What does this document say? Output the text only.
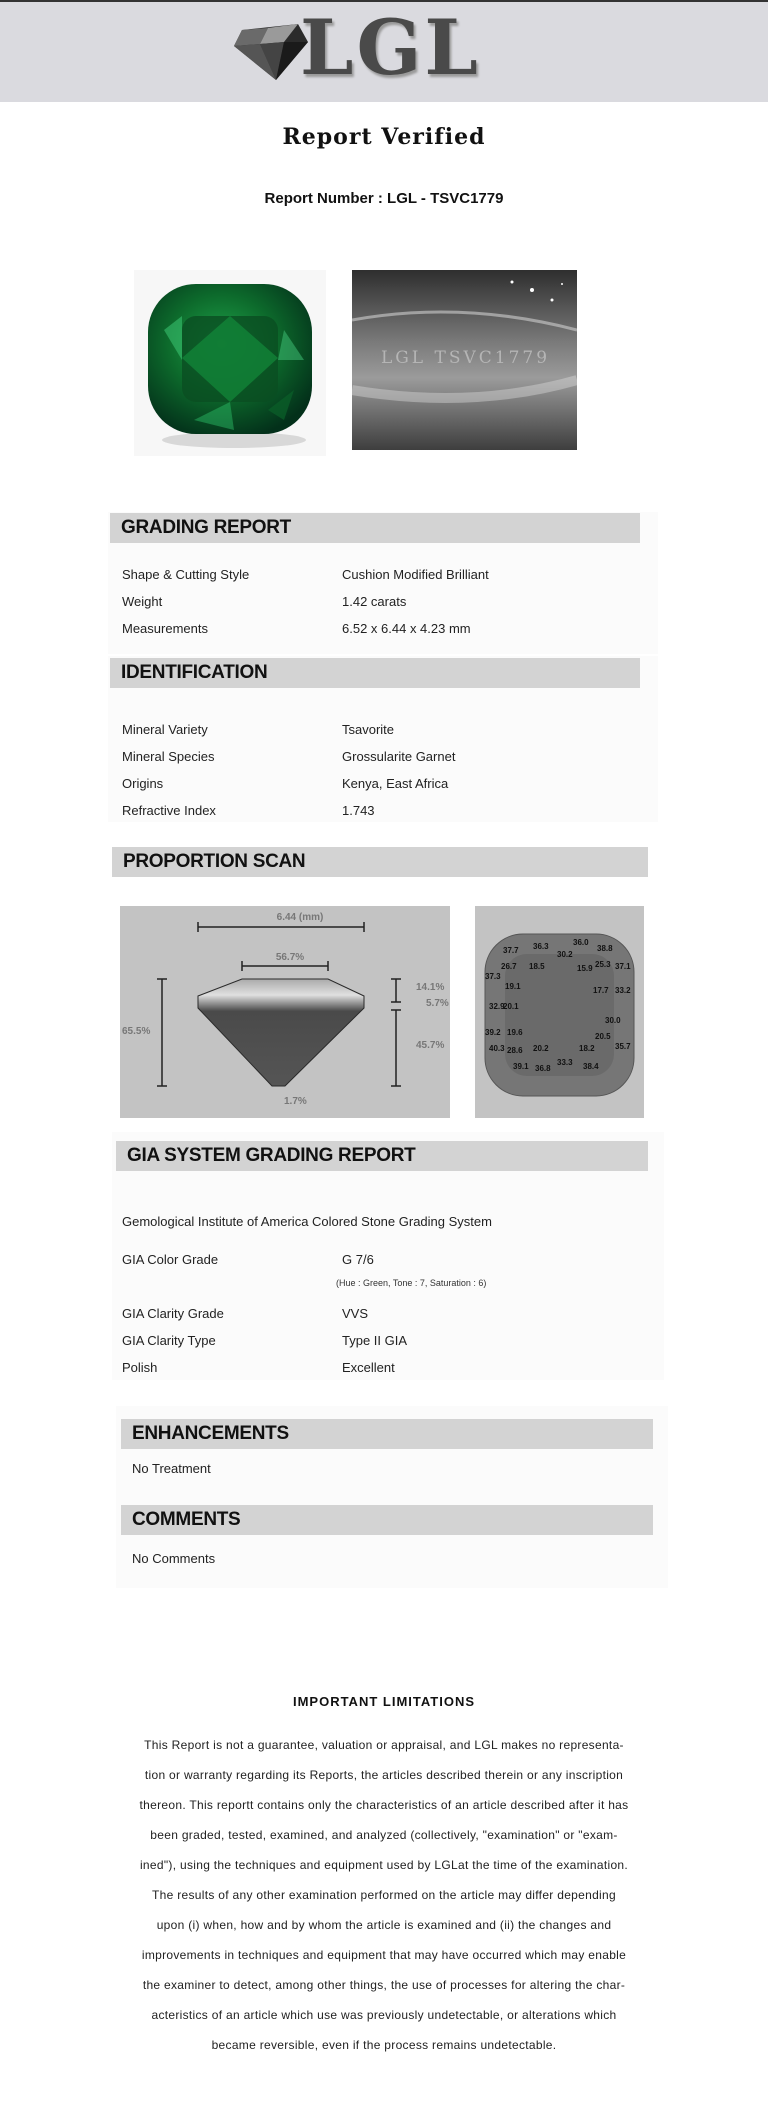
LGL
Report Verified
Report Number : LGL - TSVC1779
LGL TSVC1779
GRADING REPORT
Shape & Cutting Style	Cushion Modified Brilliant
Weight	1.42 carats
Measurements	6.52 x 6.44 x 4.23 mm
IDENTIFICATION
Mineral Variety	Tsavorite
Mineral Species	Grossularite Garnet
Origins	Kenya, East Africa
Refractive Index	1.743
PROPORTION SCAN
6.44 (mm)
56.7%
65.5%
14.1%
5.7%
45.7%
1.7%
36.0
36.3
37.7	30.2
38.8
26.7 18.5	15.9 25.3 37.1
37.3
19.1	17.7 33.2
32.9
20.1
30.0
39.2 19.6	20.5
40.3 28.6 20.2	18.2	35.7
39.1 36.8
33.3 38.4
GIA SYSTEM GRADING REPORT
Gemological Institute of America Colored Stone Grading System
GIA Color Grade	G 7/6
(Hue : Green, Tone : 7, Saturation : 6)
GIA Clarity Grade	VVS
GIA Clarity Type	Type II GIA
Polish	Excellent
ENHANCEMENTS
No Treatment
COMMENTS
No Comments
IMPORTANT LIMITATIONS
This Report is not a guarantee, valuation or appraisal, and LGL makes no representa-
tion or warranty regarding its Reports, the articles described therein or any inscription
thereon. This reportt contains only the characteristics of an article described after it has
been graded, tested, examined, and analyzed (collectively, "examination" or "exam-
ined"), using the techniques and equipment used by LGLat the time of the examination.
The results of any other examination performed on the article may differ depending
upon (i) when, how and by whom the article is examined and (ii) the changes and
improvements in techniques and equipment that may have occurred which may enable
the examiner to detect, among other things, the use of processes for altering the char-
acteristics of an article which use was previously undetectable, or alterations which
became reversible, even if the process remains undetectable.
